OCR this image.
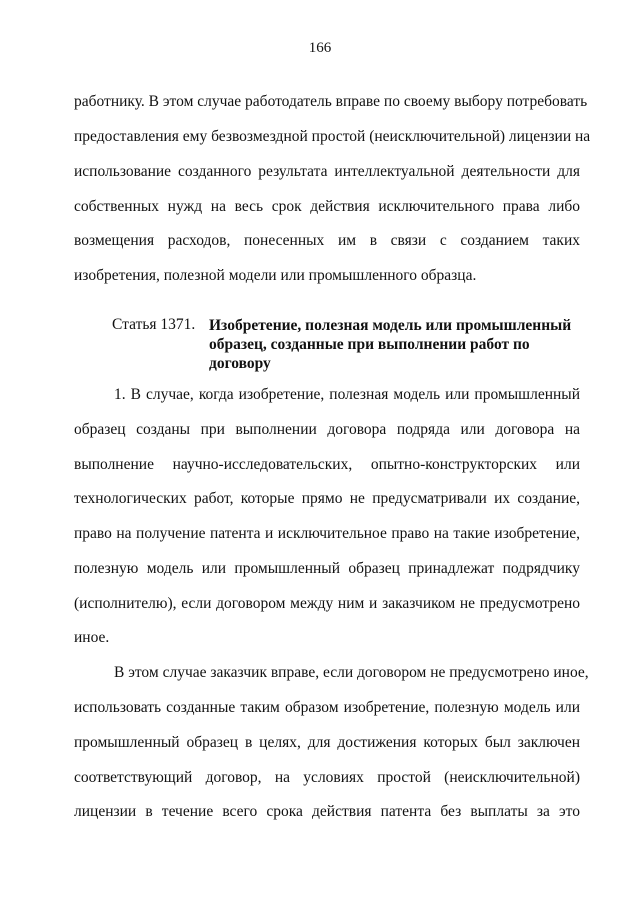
166
работнику. В этом случае работодатель вправе по своему выбору потребовать
предоставления ему безвозмездной простой (неисключительной) лицензии на
использование созданного результата интеллектуальной деятельности для
собственных нужд на весь срок действия исключительного права либо
возмещения расходов, понесенных им в связи с созданием таких
изобретения, полезной модели или промышленного образца.
Статья 1371. Изобретение, полезная модель или промышленный
образец, созданные при выполнении работ по
договору
1. В случае, когда изобретение, полезная модель или промышленный
образец созданы при выполнении договора подряда или договора на
выполнение научно-исследовательских, опытно-конструкторских или
технологических работ, которые прямо не предусматривали их создание,
право на получение патента и исключительное право на такие изобретение,
полезную модель или промышленный образец принадлежат подрядчику
(исполнителю), если договором между ним и заказчиком не предусмотрено
иное.
В этом случае заказчик вправе, если договором не предусмотрено иное,
использовать созданные таким образом изобретение, полезную модель или
промышленный образец в целях, для достижения которых был заключен
соответствующий договор, на условиях простой (неисключительной)
лицензии в течение всего срока действия патента без выплаты за это
